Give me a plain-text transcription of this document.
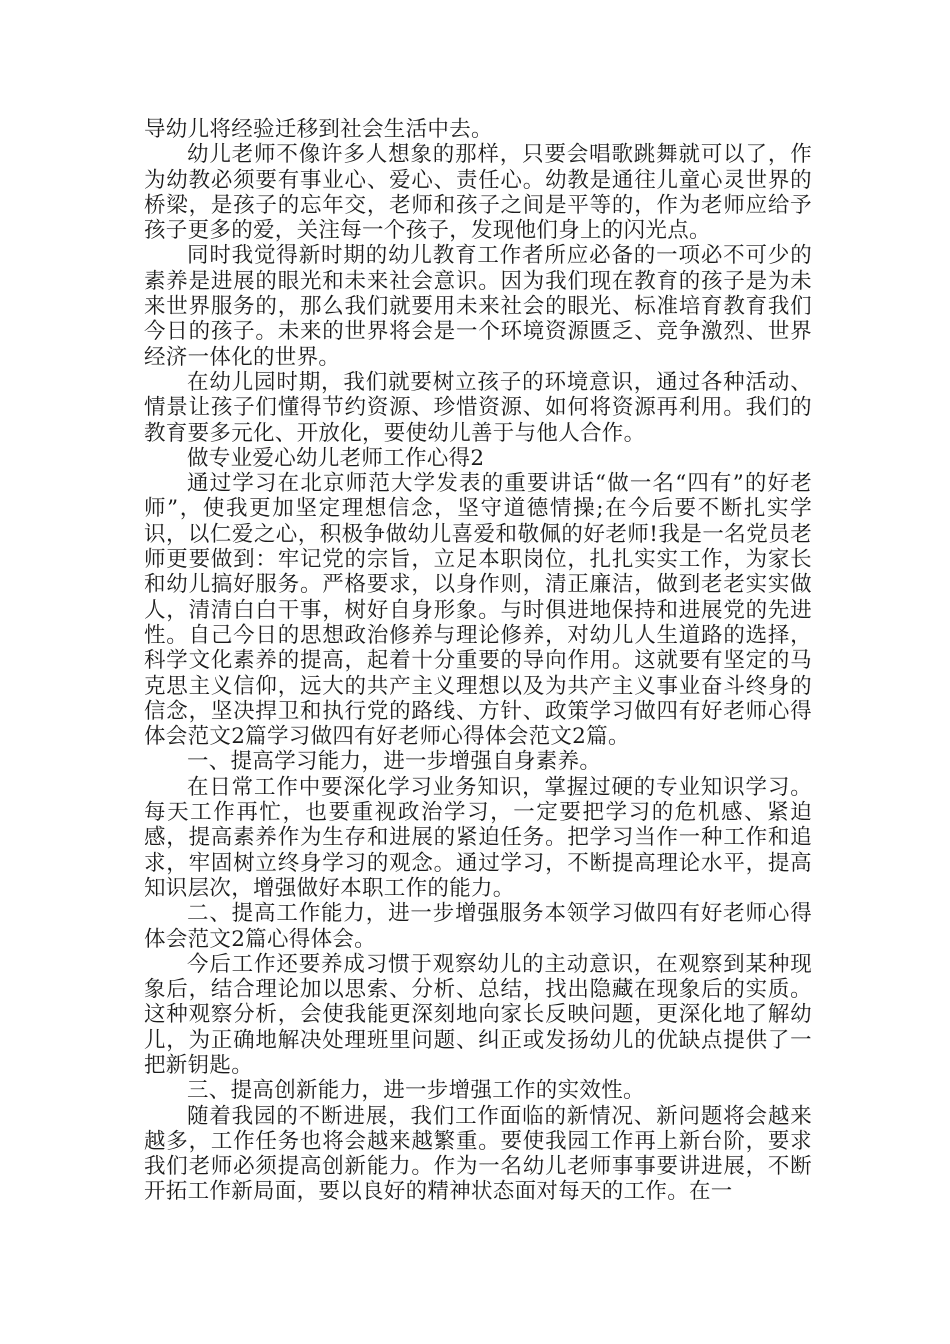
导幼儿将经验迁移到社会生活中去。

幼儿老师不像许多人想象的那样，只要会唱歌跳舞就可以了，作为幼教必须要有事业心、爱心、责任心。幼教是通往儿童心灵世界的桥梁，是孩子的忘年交，老师和孩子之间是平等的，作为老师应给予孩子更多的爱，关注每一个孩子，发现他们身上的闪光点。

同时我觉得新时期的幼儿教育工作者所应必备的一项必不可少的素养是进展的眼光和未来社会意识。因为我们现在教育的孩子是为未来世界服务的，那么我们就要用未来社会的眼光、标准培育教育我们今日的孩子。未来的世界将会是一个环境资源匮乏、竞争激烈、世界经济一体化的世界。

在幼儿园时期，我们就要树立孩子的环境意识，通过各种活动、情景让孩子们懂得节约资源、珍惜资源、如何将资源再利用。我们的教育要多元化、开放化，要使幼儿善于与他人合作。

做专业爱心幼儿老师工作心得2

通过学习在北京师范大学发表的重要讲话“做一名“四有”的好老师”，使我更加坚定理想信念，坚守道德情操;在今后要不断扎实学识，以仁爱之心，积极争做幼儿喜爱和敬佩的好老师!我是一名党员老师更要做到：牢记党的宗旨，立足本职岗位，扎扎实实工作，为家长和幼儿搞好服务。严格要求，以身作则，清正廉洁，做到老老实实做人，清清白白干事，树好自身形象。与时俱进地保持和进展党的先进性。自己今日的思想政治修养与理论修养，对幼儿人生道路的选择，科学文化素养的提高，起着十分重要的导向作用。这就要有坚定的马克思主义信仰，远大的共产主义理想以及为共产主义事业奋斗终身的信念，坚决捍卫和执行党的路线、方针、政策学习做四有好老师心得体会范文2篇学习做四有好老师心得体会范文2篇。

一、提高学习能力，进一步增强自身素养。

在日常工作中要深化学习业务知识，掌握过硬的专业知识学习。每天工作再忙，也要重视政治学习，一定要把学习的危机感、紧迫感，提高素养作为生存和进展的紧迫任务。把学习当作一种工作和追求，牢固树立终身学习的观念。通过学习，不断提高理论水平，提高知识层次，增强做好本职工作的能力。

二、提高工作能力，进一步增强服务本领学习做四有好老师心得体会范文2篇心得体会。

今后工作还要养成习惯于观察幼儿的主动意识，在观察到某种现象后，结合理论加以思索、分析、总结，找出隐藏在现象后的实质。这种观察分析，会使我能更深刻地向家长反映问题，更深化地了解幼儿，为正确地解决处理班里问题、纠正或发扬幼儿的优缺点提供了一把新钥匙。

三、提高创新能力，进一步增强工作的实效性。

随着我园的不断进展，我们工作面临的新情况、新问题将会越来越多，工作任务也将会越来越繁重。要使我园工作再上新台阶，要求我们老师必须提高创新能力。作为一名幼儿老师事事要讲进展，不断开拓工作新局面，要以良好的精神状态面对每天的工作。在一
